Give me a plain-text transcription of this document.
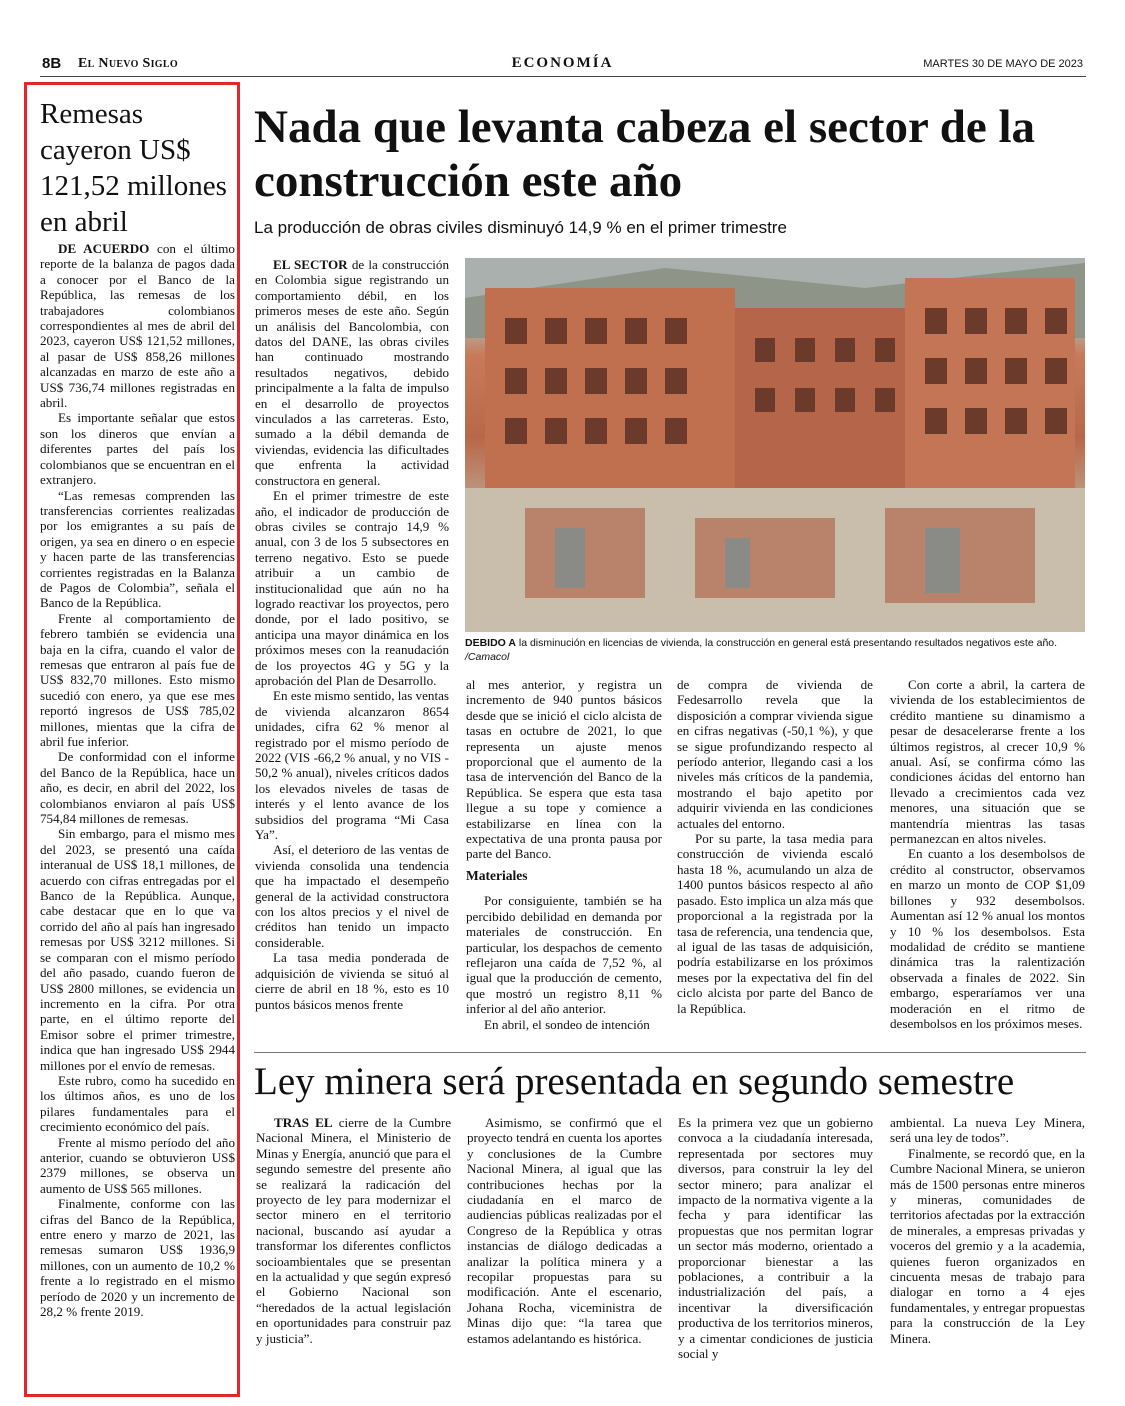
8B El Nuevo Siglo	ECONOMÍA	MARTES 30 DE MAYO DE 2023
Remesas cayeron US$ 121,52 millones en abril

DE ACUERDO con el último reporte de la balanza de pagos dada a conocer por el Banco de la República, las remesas de los trabajadores colombianos correspondientes al mes de abril del 2023, cayeron US$ 121,52 millones, al pasar de US$ 858,26 millones alcanzadas en marzo de este año a US$ 736,74 millones registradas en abril.

Es importante señalar que estos son los dineros que envían a diferentes partes del país los colombianos que se encuentran en el extranjero.

“Las remesas comprenden las transferencias corrientes realizadas por los emigrantes a su país de origen, ya sea en dinero o en especie y hacen parte de las transferencias corrientes registradas en la Balanza de Pagos de Colombia”, señala el Banco de la República.

Frente al comportamiento de febrero también se evidencia una baja en la cifra, cuando el valor de remesas que entraron al país fue de US$ 832,70 millones. Esto mismo sucedió con enero, ya que ese mes reportó ingresos de US$ 785,02 millones, mientas que la cifra de abril fue inferior.

De conformidad con el informe del Banco de la República, hace un año, es decir, en abril del 2022, los colombianos enviaron al país US$ 754,84 millones de remesas.

Sin embargo, para el mismo mes del 2023, se presentó una caída interanual de US$ 18,1 millones, de acuerdo con cifras entregadas por el Banco de la República. Aunque, cabe destacar que en lo que va corrido del año al país han ingresado remesas por US$ 3212 millones. Si se comparan con el mismo período del año pasado, cuando fueron de US$ 2800 millones, se evidencia un incremento en la cifra. Por otra parte, en el último reporte del Emisor sobre el primer trimestre, indica que han ingresado US$ 2944 millones por el envío de remesas.

Este rubro, como ha sucedido en los últimos años, es uno de los pilares fundamentales para el crecimiento económico del país.

Frente al mismo período del año anterior, cuando se obtuvieron US$ 2379 millones, se observa un aumento de US$ 565 millones.

Finalmente, conforme con las cifras del Banco de la República, entre enero y marzo de 2021, las remesas sumaron US$ 1936,9 millones, con un aumento de 10,2 % frente a lo registrado en el mismo período de 2020 y un incremento de 28,2 % frente 2019.

Nada que levanta cabeza el sector de la construcción este año
La producción de obras civiles disminuyó 14,9 % en el primer trimestre

EL SECTOR de la construcción en Colombia sigue registrando un comportamiento débil, en los primeros meses de este año. Según un análisis del Bancolombia, con datos del DANE, las obras civiles han continuado mostrando resultados negativos, debido principalmente a la falta de impulso en el desarrollo de proyectos vinculados a las carreteras. Esto, sumado a la débil demanda de viviendas, evidencia las dificultades que enfrenta la actividad constructora en general.

En el primer trimestre de este año, el indicador de producción de obras civiles se contrajo 14,9 % anual, con 3 de los 5 subsectores en terreno negativo. Esto se puede atribuir a un cambio de institucionalidad que aún no ha logrado reactivar los proyectos, pero donde, por el lado positivo, se anticipa una mayor dinámica en los próximos meses con la reanudación de los proyectos 4G y 5G y la aprobación del Plan de Desarrollo.

En este mismo sentido, las ventas de vivienda alcanzaron 8654 unidades, cifra 62 % menor al registrado por el mismo período de 2022 (VIS -66,2 % anual, y no VIS - 50,2 % anual), niveles críticos dados los elevados niveles de tasas de interés y el lento avance de los subsidios del programa “Mi Casa Ya”.

Así, el deterioro de las ventas de vivienda consolida una tendencia que ha impactado el desempeño general de la actividad constructora con los altos precios y el nivel de créditos han tenido un impacto considerable.

La tasa media ponderada de adquisición de vivienda se situó al cierre de abril en 18 %, esto es 10 puntos básicos menos frente

DEBIDO A la disminución en licencias de vivienda, la construcción en general está presentando resultados negativos este año. /Camacol

al mes anterior, y registra un incremento de 940 puntos básicos desde que se inició el ciclo alcista de tasas en octubre de 2021, lo que representa un ajuste menos proporcional que el aumento de la tasa de intervención del Banco de la República. Se espera que esta tasa llegue a su tope y comience a estabilizarse en línea con la expectativa de una pronta pausa por parte del Banco.

Materiales

Por consiguiente, también se ha percibido debilidad en demanda por materiales de construcción. En particular, los despachos de cemento reflejaron una caída de 7,52 %, al igual que la producción de cemento, que mostró un registro 8,11 % inferior al del año anterior.

En abril, el sondeo de intención

de compra de vivienda de Fedesarrollo revela que la disposición a comprar vivienda sigue en cifras negativas (-50,1 %), y que se sigue profundizando respecto al período anterior, llegando casi a los niveles más críticos de la pandemia, mostrando el bajo apetito por adquirir vivienda en las condiciones actuales del entorno.

Por su parte, la tasa media para construcción de vivienda escaló hasta 18 %, acumulando un alza de 1400 puntos básicos respecto al año pasado. Esto implica un alza más que proporcional a la registrada por la tasa de referencia, una tendencia que, al igual de las tasas de adquisición, podría estabilizarse en los próximos meses por la expectativa del fin del ciclo alcista por parte del Banco de la República.

Con corte a abril, la cartera de vivienda de los establecimientos de crédito mantiene su dinamismo a pesar de desacelerarse frente a los últimos registros, al crecer 10,9 % anual. Así, se confirma cómo las condiciones ácidas del entorno han llevado a crecimientos cada vez menores, una situación que se mantendría mientras las tasas permanezcan en altos niveles.

En cuanto a los desembolsos de crédito al constructor, observamos en marzo un monto de COP $1,09 billones y 932 desembolsos. Aumentan así 12 % anual los montos y 10 % los desembolsos. Esta modalidad de crédito se mantiene dinámica tras la ralentización observada a finales de 2022. Sin embargo, esperaríamos ver una moderación en el ritmo de desembolsos en los próximos meses.

Ley minera será presentada en segundo semestre

TRAS EL cierre de la Cumbre Nacional Minera, el Ministerio de Minas y Energía, anunció que para el segundo semestre del presente año se realizará la radicación del proyecto de ley para modernizar el sector minero en el territorio nacional, buscando así ayudar a transformar los diferentes conflictos socioambientales que se presentan en la actualidad y que según expresó el Gobierno Nacional son “heredados de la actual legislación en oportunidades para construir paz y justicia”.

Asimismo, se confirmó que el proyecto tendrá en cuenta los aportes y conclusiones de la Cumbre Nacional Minera, al igual que las contribuciones hechas por la ciudadanía en el marco de audiencias públicas realizadas por el Congreso de la República y otras instancias de diálogo dedicadas a analizar la política minera y a recopilar propuestas para su modificación. Ante el escenario, Johana Rocha, viceministra de Minas dijo que: “la tarea que estamos adelantando es histórica.

Es la primera vez que un gobierno convoca a la ciudadanía interesada, representada por sectores muy diversos, para construir la ley del sector minero; para analizar el impacto de la normativa vigente a la fecha y para identificar las propuestas que nos permitan lograr un sector más moderno, orientado a proporcionar bienestar a las poblaciones, a contribuir a la industrialización del país, a incentivar la diversificación productiva de los territorios mineros, y a cimentar condiciones de justicia social y

ambiental. La nueva Ley Minera, será una ley de todos”.

Finalmente, se recordó que, en la Cumbre Nacional Minera, se unieron más de 1500 personas entre mineros y mineras, comunidades de territorios afectadas por la extracción de minerales, a empresas privadas y voceros del gremio y a la academia, quienes fueron organizados en cincuenta mesas de trabajo para dialogar en torno a 4 ejes fundamentales, y entregar propuestas para la construcción de la Ley Minera.
